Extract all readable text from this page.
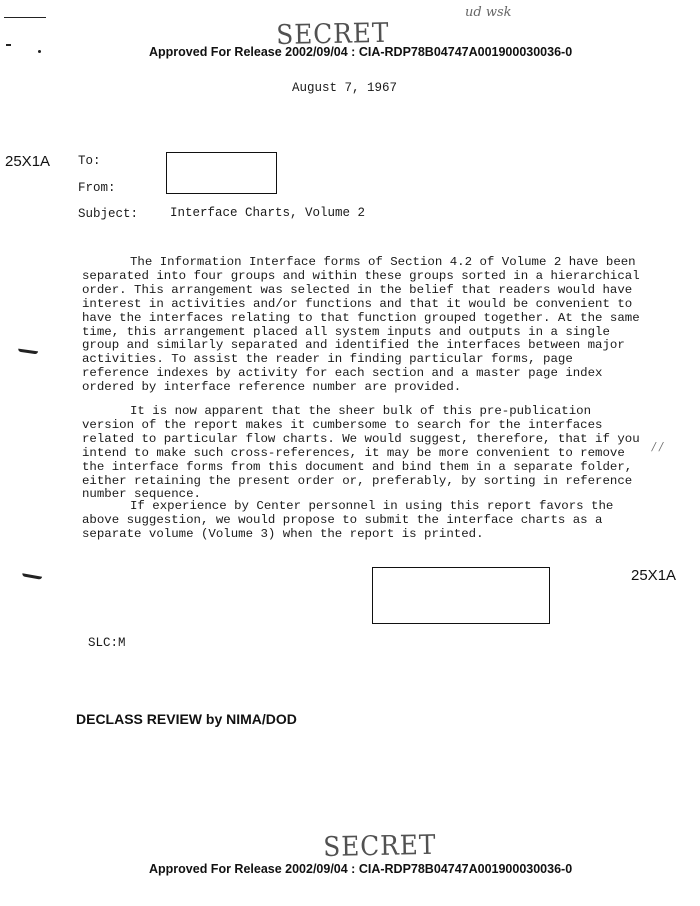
ud wsk
SECRET
Approved For Release 2002/09/04 : CIA-RDP78B04747A001900030036-0
August 7, 1967
25X1A To:
From:
Subject:	Interface Charts, Volume 2

The Information Interface forms of Section 4.2 of Volume 2 have been separated into four groups and within these groups sorted in a hierarchical order. This arrangement was selected in the belief that readers would have interest in activities and/or functions and that it would be convenient to have the interfaces relating to that function grouped together. At the same time, this arrangement placed all system inputs and outputs in a single group and similarly separated and identified the interfaces between major activities. To assist the reader in finding particular forms, page reference indexes by activity for each section and a master page index ordered by interface reference number are provided.

It is now apparent that the sheer bulk of this pre-publication version of the report makes it cumbersome to search for the interfaces related to particular flow charts. We would suggest, therefore, that if you intend to make such cross-references, it may be more convenient to remove the interface forms from this document and bind them in a separate folder, either retaining the present order or, preferably, by sorting in reference number sequence.

If experience by Center personnel in using this report favors the above suggestion, we would propose to submit the interface charts as a separate volume (Volume 3) when the report is printed.

/ /
25X1A
SLC:M
DECLASS REVIEW by NIMA/DOD
SECRET
Approved For Release 2002/09/04 : CIA-RDP78B04747A001900030036-0
